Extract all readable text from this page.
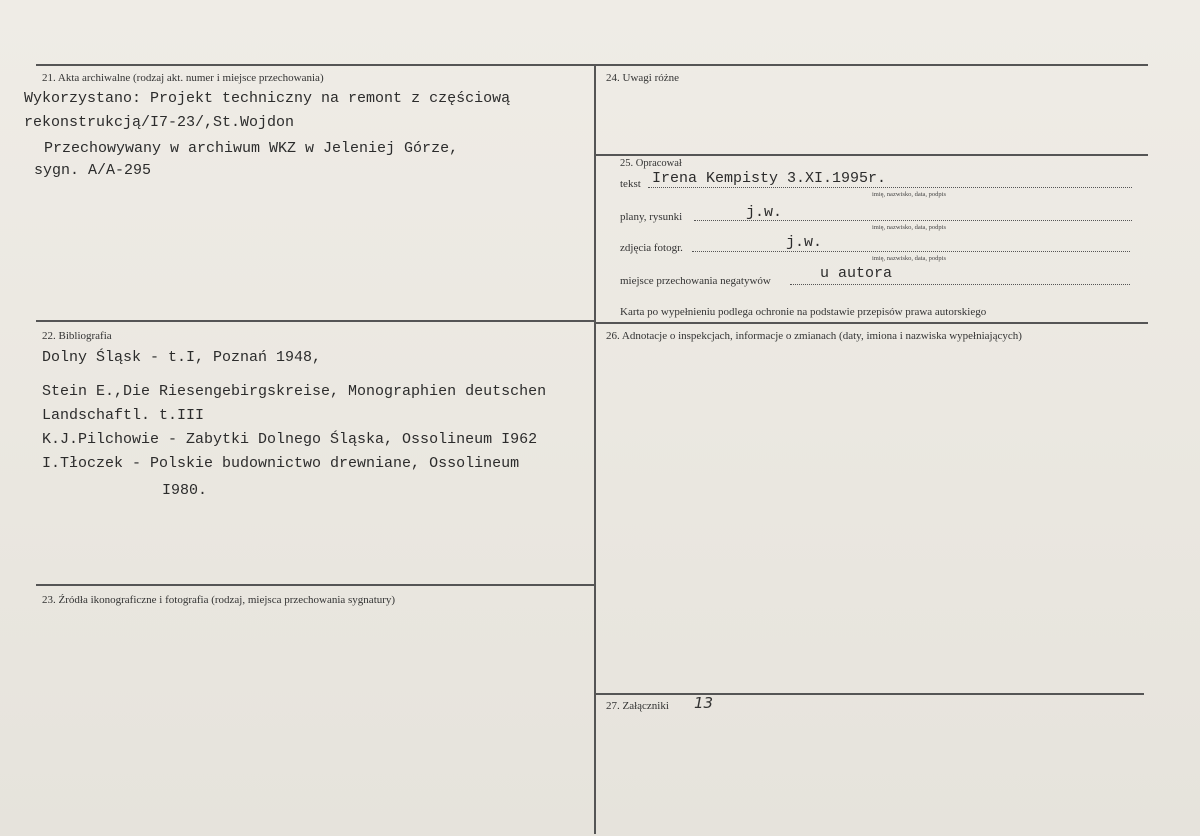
21. Akta archiwalne (rodzaj akt. numer i miejsce przechowania)
Wykorzystano: Projekt techniczny na remont z częściową
rekonstrukcją/I7-23/,St.Wojdon
Przechowywany w archiwum WKZ w Jeleniej Górze,
sygn. A/A-295
24. Uwagi różne
25. Opracował
tekst Irena Kempisty 3.XI.1995r.
imię, nazwisko, data, podpis
plany, rysunki	j.w.
imię, nazwisko, data, podpis
zdjęcia fotogr.	j.w.
imię, nazwisko, data, podpis
miejsce przechowania negatywów	u autora
Karta po wypełnieniu podlega ochronie na podstawie przepisów prawa autorskiego
22. Bibliografia
Dolny Śląsk - t.I, Poznań 1948,
Stein E.,Die Riesengebirgskreise, Monographien deutschen
Landschaftl. t.III
K.J.Pilchowie - Zabytki Dolnego Śląska, Ossolineum I962
I.Tłoczek - Polskie budownictwo drewniane, Ossolineum
I980.
26. Adnotacje o inspekcjach, informacje o zmianach (daty, imiona i nazwiska wypełniających)
23. Źródła ikonograficzne i fotografia (rodzaj, miejsca przechowania sygnatury)
27. Załączniki 13
